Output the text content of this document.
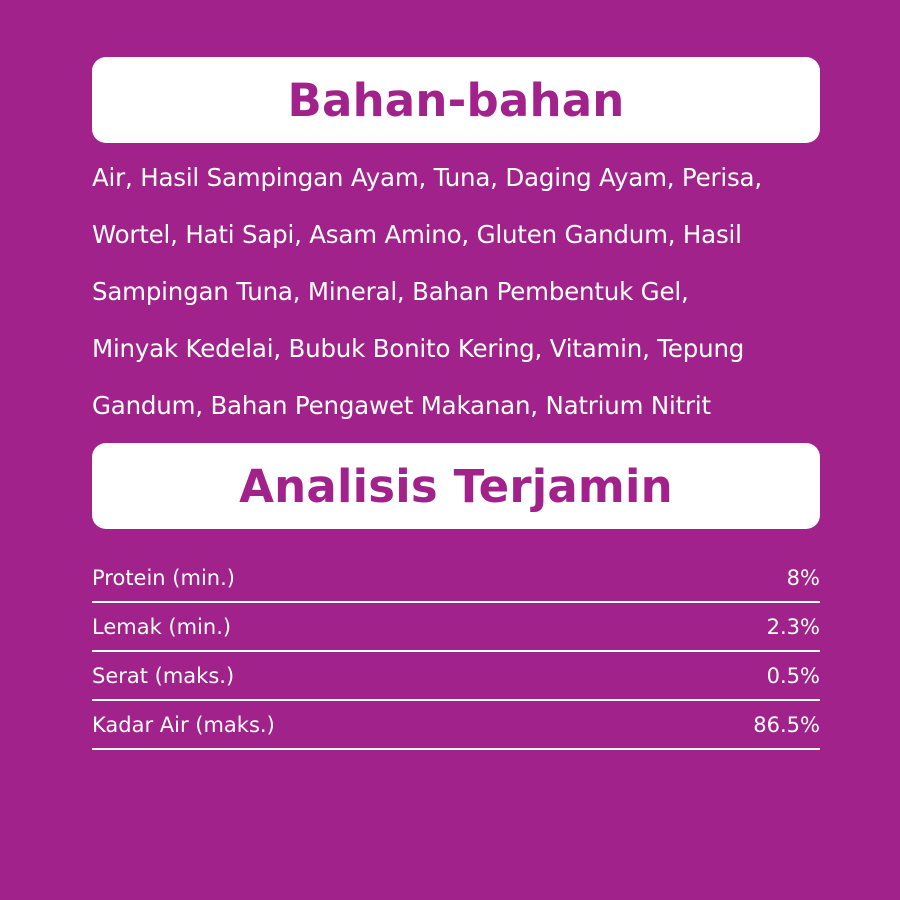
Bahan-bahan
Air, Hasil Sampingan Ayam, Tuna, Daging Ayam, Perisa,
Wortel, Hati Sapi, Asam Amino, Gluten Gandum, Hasil
Sampingan Tuna, Mineral, Bahan Pembentuk Gel,
Minyak Kedelai, Bubuk Bonito Kering, Vitamin, Tepung
Gandum, Bahan Pengawet Makanan, Natrium Nitrit
Analisis Terjamin
Protein (min.)	8%
Lemak (min.)	2.3%
Serat (maks.)	0.5%
Kadar Air (maks.)	86.5%
